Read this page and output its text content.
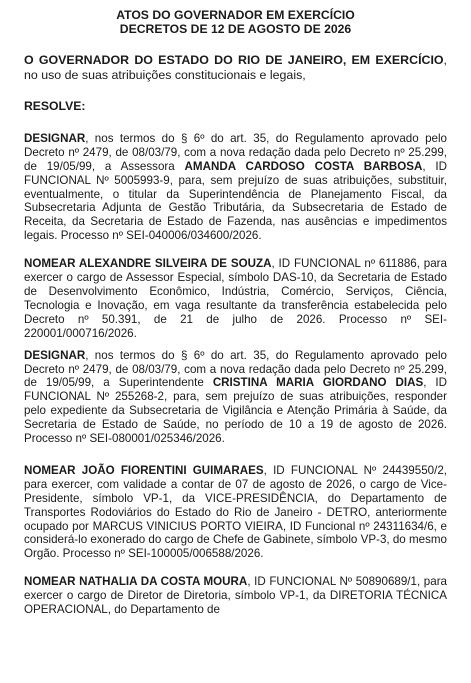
ATOS DO GOVERNADOR EM EXERCÍCIO

DECRETOS DE 12 DE AGOSTO DE 2026

O GOVERNADOR DO ESTADO DO RIO DE JANEIRO, EM EXERCÍCIO, no uso de suas atribuições constitucionais e legais,

RESOLVE:

DESIGNAR, nos termos do § 6º do art. 35, do Regulamento aprovado pelo Decreto nº 2479, de 08/03/79, com a nova redação dada pelo Decreto nº 25.299, de 19/05/99, a Assessora AMANDA CARDOSO COSTA BARBOSA, ID FUNCIONAL Nº 5005993-9, para, sem prejuízo de suas atribuições, substituir, eventualmente, o titular da Superintendência de Planejamento Fiscal, da Subsecretaria Adjunta de Gestão Tributária, da Subsecretaria de Estado de Receita, da Secretaria de Estado de Fazenda, nas ausências e impedimentos legais. Processo nº SEI-040006/034600/2026.

NOMEAR ALEXANDRE SILVEIRA DE SOUZA, ID FUNCIONAL nº 611886, para exercer o cargo de Assessor Especial, símbolo DAS-10, da Secretaria de Estado de Desenvolvimento Econômico, Indústria, Comércio, Serviços, Ciência, Tecnologia e Inovação, em vaga resultante da transferência estabelecida pelo Decreto nº 50.391, de 21 de julho de 2026. Processo nº SEI-220001/000716/2026.

DESIGNAR, nos termos do § 6º do art. 35, do Regulamento aprovado pelo Decreto nº 2479, de 08/03/79, com a nova redação dada pelo Decreto nº 25.299, de 19/05/99, a Superintendente CRISTINA MARIA GIORDANO DIAS, ID FUNCIONAL Nº 255268-2, para, sem prejuízo de suas atribuições, responder pelo expediente da Subsecretaria de Vigilância e Atenção Primária à Saúde, da Secretaria de Estado de Saúde, no período de 10 a 19 de agosto de 2026. Processo nº SEI-080001/025346/2026.

NOMEAR JOÃO FIORENTINI GUIMARAES, ID FUNCIONAL Nº 24439550/2, para exercer, com validade a contar de 07 de agosto de 2026, o cargo de Vice-Presidente, símbolo VP-1, da VICE-PRESIDÊNCIA, do Departamento de Transportes Rodoviários do Estado do Rio de Janeiro - DETRO, anteriormente ocupado por MARCUS VINICIUS PORTO VIEIRA, ID Funcional nº 24311634/6, e considerá-lo exonerado do cargo de Chefe de Gabinete, símbolo VP-3, do mesmo Orgão. Processo nº SEI-100005/006588/2026.

NOMEAR NATHALIA DA COSTA MOURA, ID FUNCIONAL Nº 50890689/1, para exercer o cargo de Diretor de Diretoria, símbolo VP-1, da DIRETORIA TÉCNICA OPERACIONAL, do Departamento de
